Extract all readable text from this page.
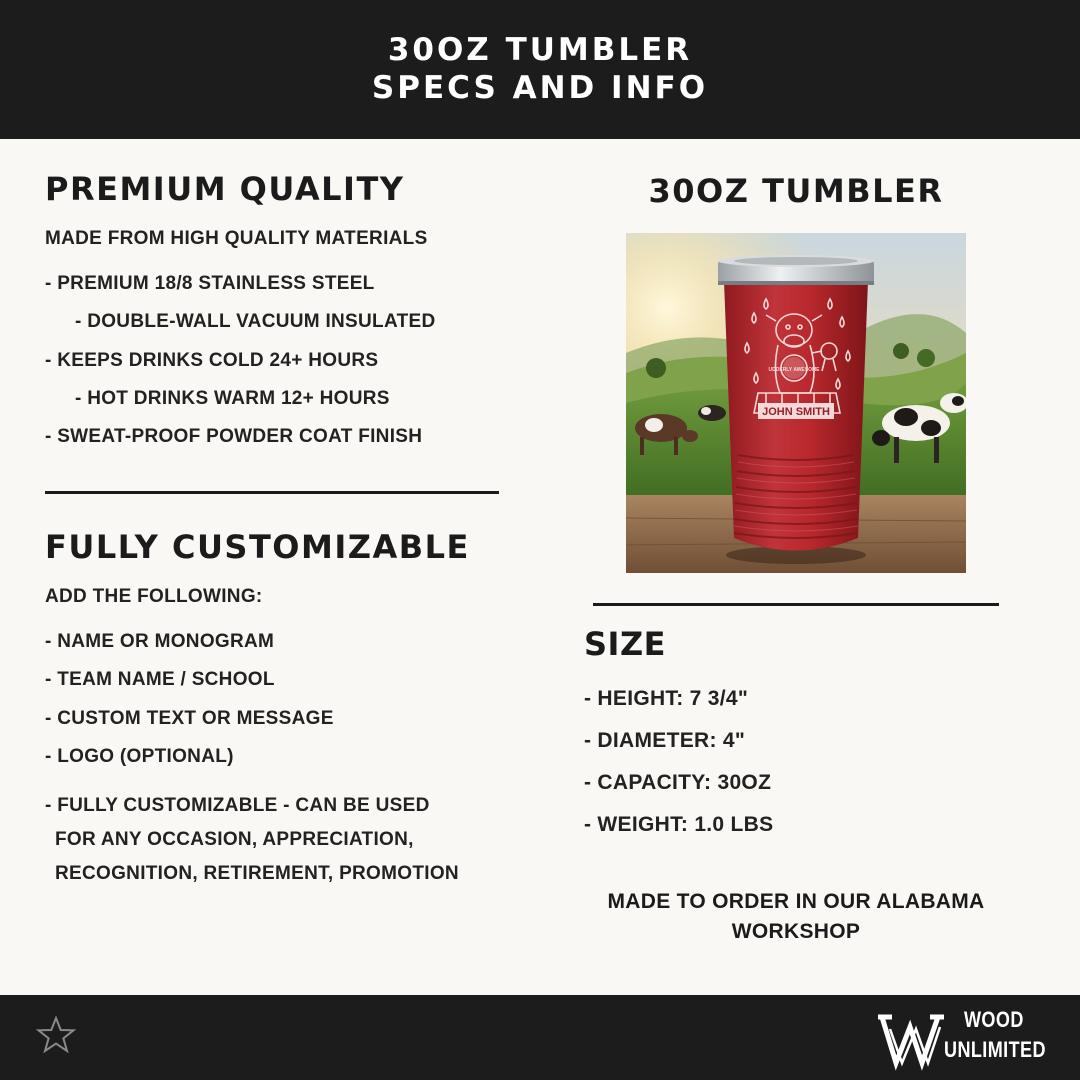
30OZ TUMBLER
SPECS AND INFO
PREMIUM QUALITY
MADE FROM HIGH QUALITY MATERIALS
- PREMIUM 18/8 STAINLESS STEEL
- DOUBLE-WALL VACUUM INSULATED
- KEEPS DRINKS COLD 24+ HOURS
- HOT DRINKS WARM 12+ HOURS
- SWEAT-PROOF POWDER COAT FINISH
FULLY CUSTOMIZABLE
ADD THE FOLLOWING:
- NAME OR MONOGRAM
- TEAM NAME / SCHOOL
- CUSTOM TEXT OR MESSAGE
- LOGO (OPTIONAL)
- FULLY CUSTOMIZABLE - CAN BE USED
FOR ANY OCCASION, APPRECIATION,
RECOGNITION, RETIREMENT, PROMOTION
30OZ TUMBLER
UDDERLY AWESOME
JOHN SMITH
SIZE
- HEIGHT: 7 3/4"
- DIAMETER: 4"
- CAPACITY: 30OZ
- WEIGHT: 1.0 LBS
MADE TO ORDER IN OUR ALABAMA
WORKSHOP
WOOD
UNLIMITED
